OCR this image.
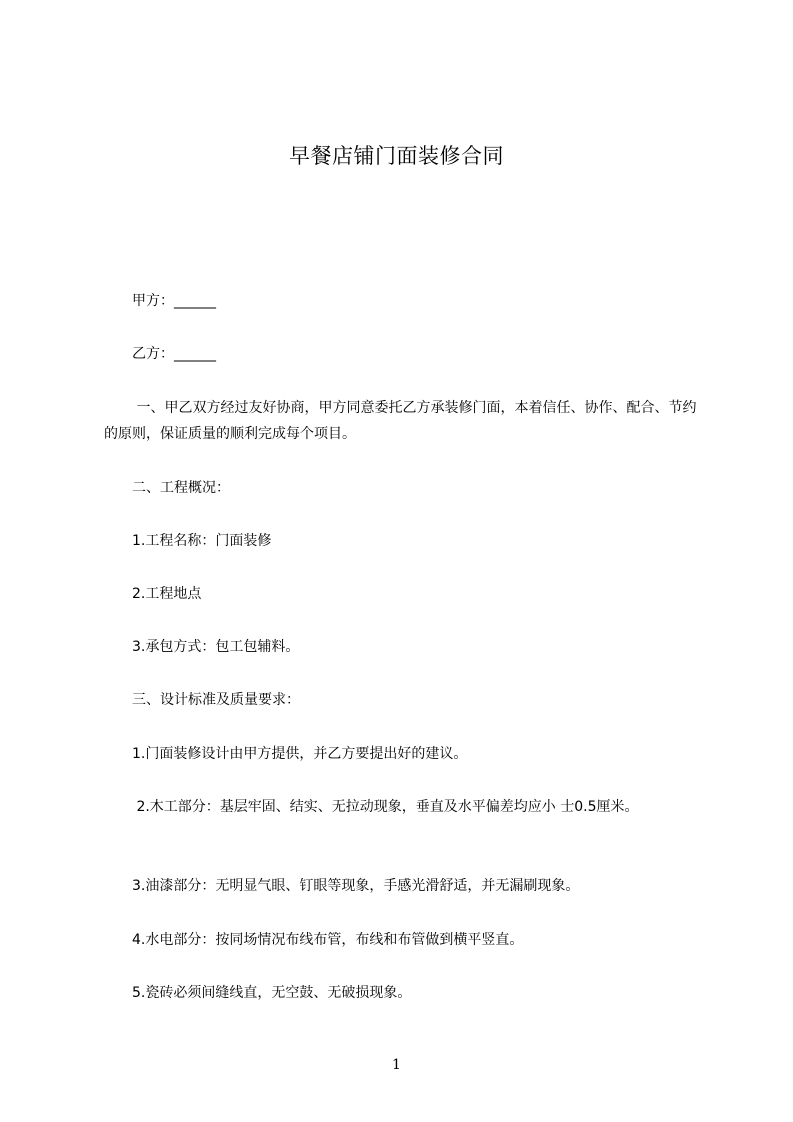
早餐店铺门面装修合同
　　甲方：______
　　乙方：______
　　 一、甲乙双方经过友好协商，甲方同意委托乙方承装修门面，本着信任、协作、配合、节约的原则，保证质量的顺利完成每个项目。
　　二、工程概况：
　　1.工程名称：门面装修
　　2.工程地点
　　3.承包方式：包工包辅料。
　　三、设计标准及质量要求：
　　1.门面装修设计由甲方提供，并乙方要提出好的建议。
　　 2.木工部分：基层牢固、结实、无拉动现象，垂直及水平偏差均应小 士0.5厘米。
　　3.油漆部分：无明显气眼、钉眼等现象，手感光滑舒适，并无漏刷现象。
　　4.水电部分：按同场情况布线布管，布线和布管做到横平竖直。
　　5.瓷砖必须间缝线直，无空鼓、无破损现象。
1
